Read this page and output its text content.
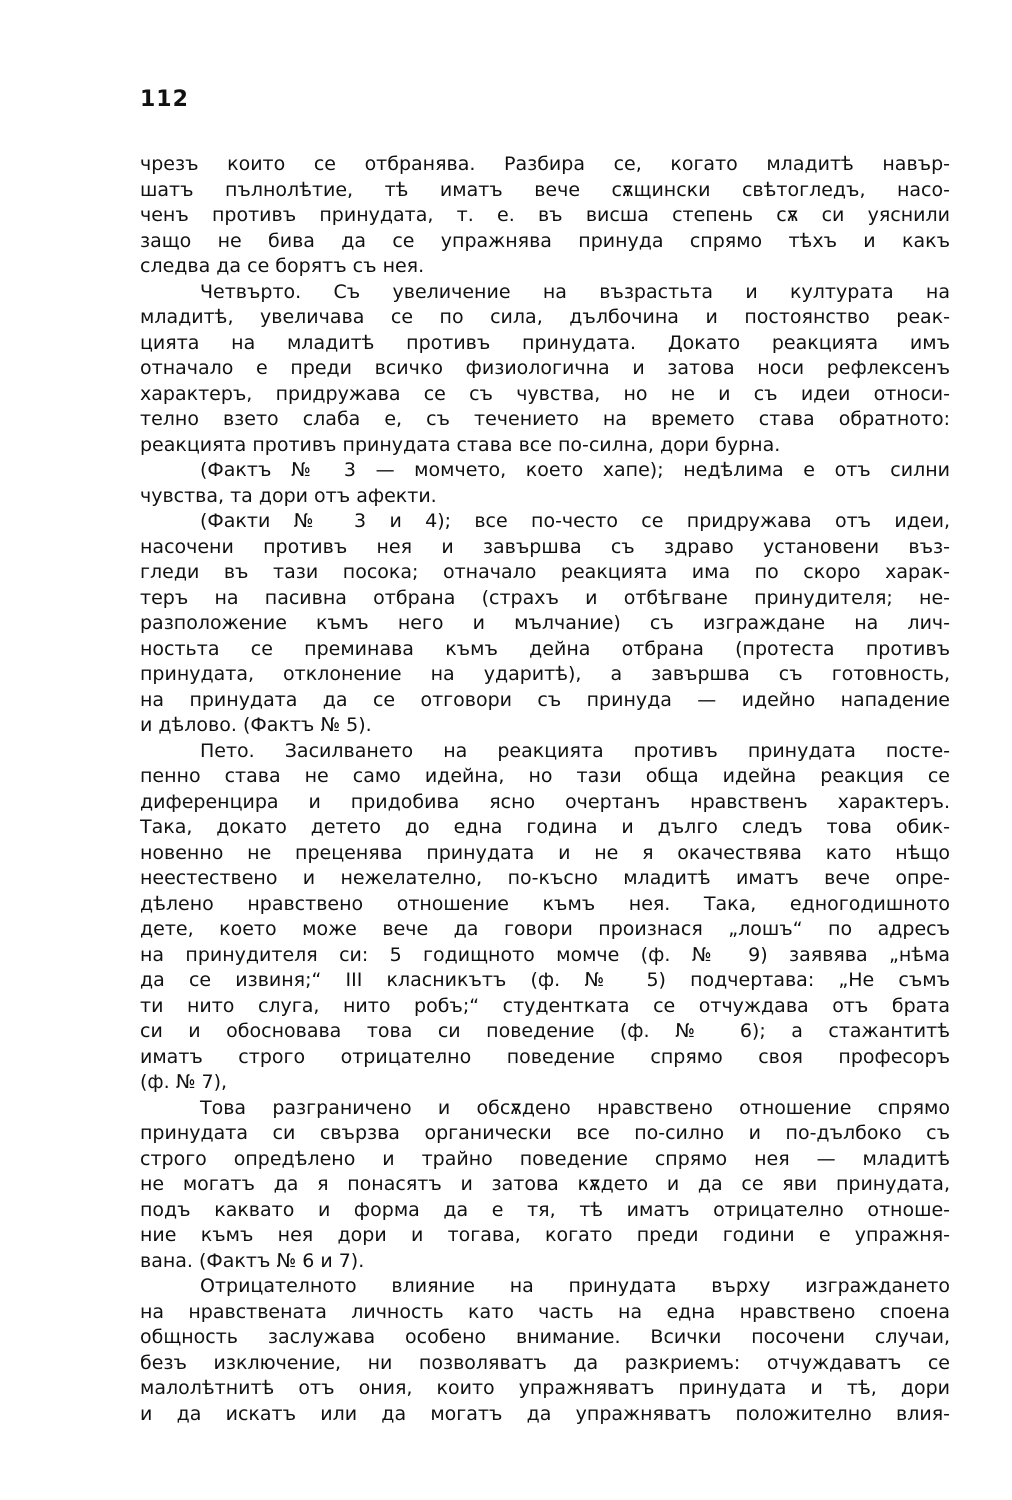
112
чрезъ които се отбранява. Разбира се, когато младитѣ навър-
шатъ пълнолѣтие, тѣ иматъ вече сѫщински свѣтогледъ, насо-
ченъ противъ принудата, т. е. въ висша степень сѫ си уяснили
защо не бива да се упражнява принуда спрямо тѣхъ и какъ
следва да се борятъ съ нея.
Четвърто. Съ увеличение на възрастьта и културата на
младитѣ, увеличава се по сила, дълбочина и постоянство реак-
цията на младитѣ противъ принудата. Докато реакцията имъ
отначало е преди всичко физиологична и затова носи рефлексенъ
характеръ, придружава се съ чувства, но не и съ идеи относи-
телно взето слаба е, съ течението на времето става обратното:
реакцията противъ принудата става все по-силна, дори бурна.
(Фактъ № 3 — момчето, което хапе); недѣлима е отъ силни
чувства, та дори отъ афекти.
(Факти № 3 и 4); все по-често се придружава отъ идеи,
насочени противъ нея и завършва съ здраво установени въз-
гледи въ тази посока; отначало реакцията има по скоро харак-
теръ на пасивна отбрана (страхъ и отбѣгване принудителя; не-
разположение къмъ него и мълчание) съ изграждане на лич-
ностьта се преминава къмъ дейна отбрана (протеста противъ
принудата, отклонение на ударитѣ), а завършва съ готовность,
на принудата да се отговори съ принуда — идейно нападение
и дѣлово. (Фактъ № 5).
Пето. Засилването на реакцията противъ принудата посте-
пенно става не само идейна, но тази обща идейна реакция се
диференцира и придобива ясно очертанъ нравственъ характеръ.
Така, докато детето до една година и дълго следъ това обик-
новенно не преценява принудата и не я окачествява като нѣщо
неестествено и нежелателно, по-късно младитѣ иматъ вече опре-
дѣлено нравствено отношение къмъ нея. Така, едногодишното
дете, което може вече да говори произнася „лошъ“ по адресъ
на принудителя си: 5 годищното момче (ф. № 9) заявява „нѣма
да се извиня;“ III класникътъ (ф. № 5) подчертава: „Не съмъ
ти нито слуга, нито робъ;“ студентката се отчуждава отъ брата
си и обосновава това си поведение (ф. № 6); а стажантитѣ
иматъ строго отрицателно поведение спрямо своя професоръ
(ф. № 7),
Това разграничено и обсѫдено нравствено отношение спрямо
принудата си свързва органически все по-силно и по-дълбоко съ
строго опредѣлено и трайно поведение спрямо нея — младитѣ
не могатъ да я понасятъ и затова кѫдето и да се яви принудата,
подъ каквато и форма да е тя, тѣ иматъ отрицателно отноше-
ние къмъ нея дори и тогава, когато преди години е упражня-
вана. (Фактъ № 6 и 7).
Отрицателното влияние на принудата върху изграждането
на нравствената личность като часть на една нравствено споена
общность заслужава особено внимание. Всички посочени случаи,
безъ изключение, ни позволяватъ да разкриемъ: отчуждаватъ се
малолѣтнитѣ отъ ония, които упражняватъ принудата и тѣ, дори
и да искатъ или да могатъ да упражняватъ положително влия-
